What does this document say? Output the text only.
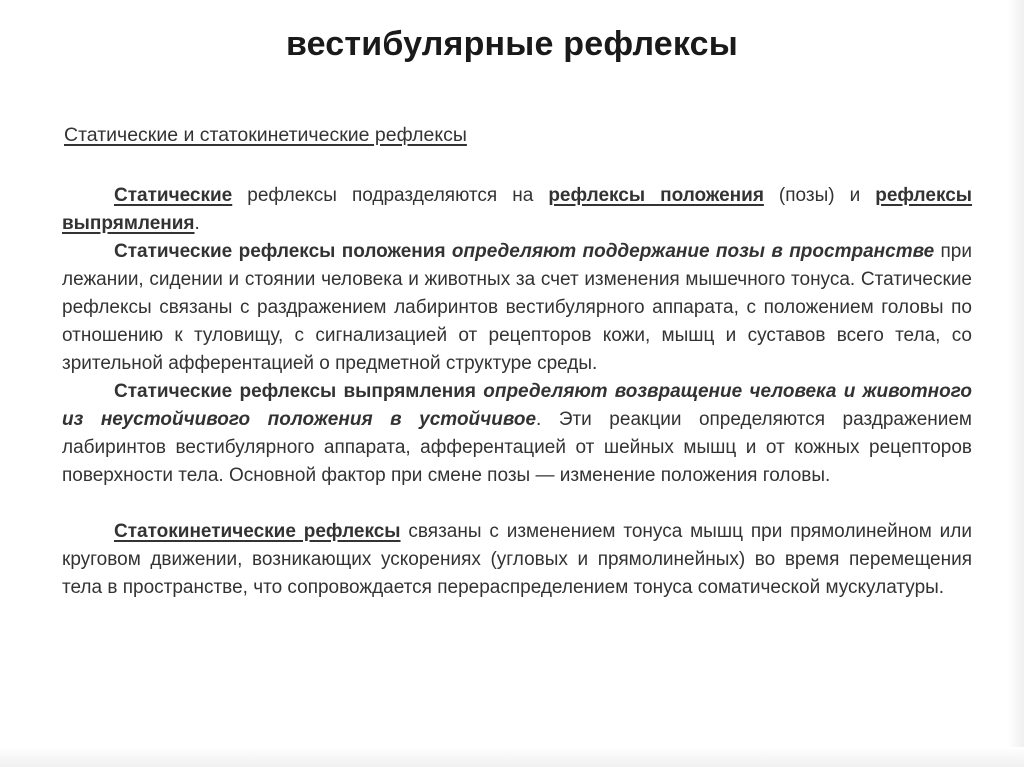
вестибулярные рефлексы
Статические и статокинетические рефлексы

Статические рефлексы подразделяются на рефлексы положения (позы) и рефлексы выпрямления.

Статические рефлексы положения определяют поддержание позы в пространстве при лежании, сидении и стоянии человека и животных за счет изменения мышечного тонуса. Статические рефлексы связаны с раздражением лабиринтов вестибулярного аппарата, с положением головы по отношению к туловищу, с сигнализацией от рецепторов кожи, мышц и суставов всего тела, со зрительной афферентацией о предметной структуре среды.

Статические рефлексы выпрямления определяют возвращение человека и животного из неустойчивого положения в устойчивое. Эти реакции определяются раздражением лабиринтов вестибулярного аппарата, афферентацией от шейных мышц и от кожных рецепторов поверхности тела. Основной фактор при смене позы — изменение положения головы.

Статокинетические рефлексы связаны с изменением тонуса мышц при прямолинейном или круговом движении, возникающих ускорениях (угловых и прямолинейных) во время перемещения тела в пространстве, что сопровождается перераспределением тонуса соматической мускулатуры.
